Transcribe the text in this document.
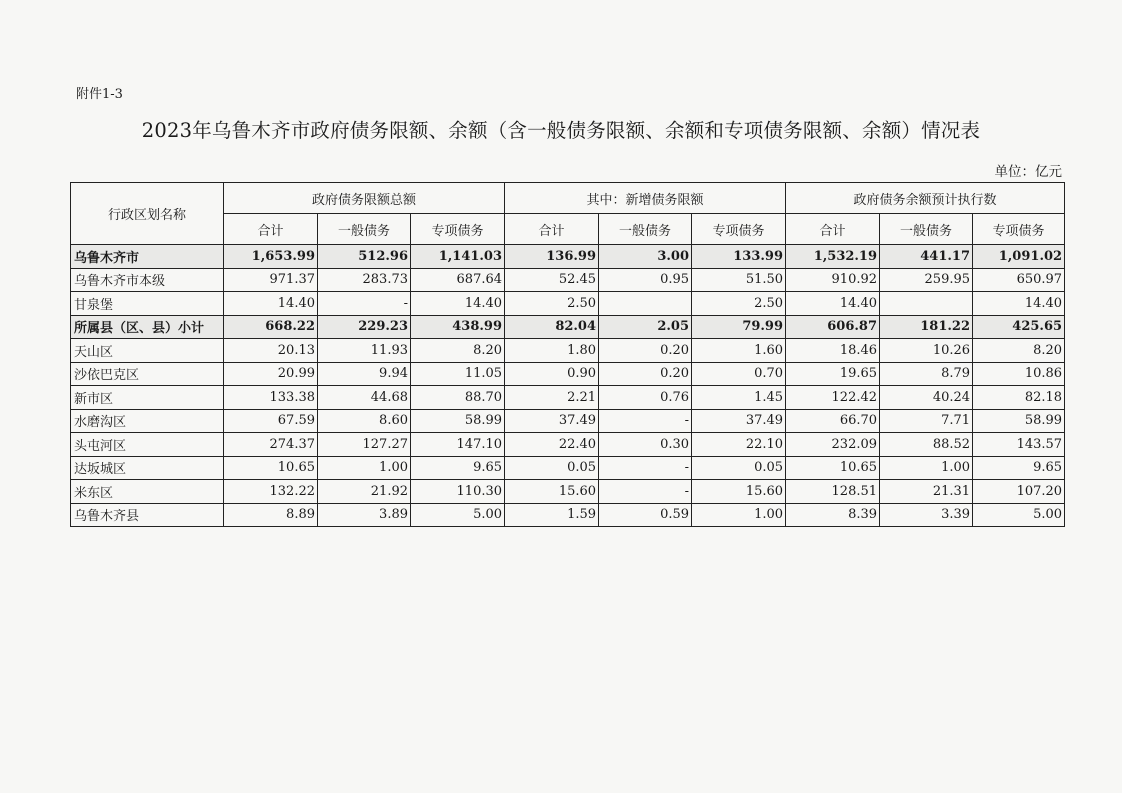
附件1-3
2023年乌鲁木齐市政府债务限额、余额（含一般债务限额、余额和专项债务限额、余额）情况表
单位：亿元
行政区划名称	政府债务限额总额			其中：新增债务限额			政府债务余额预计执行数		
	合计	一般债务	专项债务	合计	一般债务	专项债务	合计	一般债务	专项债务
乌鲁木齐市	1,653.99	512.96	1,141.03	136.99	3.00	133.99	1,532.19	441.17	1,091.02
乌鲁木齐市本级	971.37	283.73	687.64	52.45	0.95	51.50	910.92	259.95	650.97
甘泉堡	14.40	-	14.40	2.50		2.50	14.40		14.40
所属县（区、县）小计	668.22	229.23	438.99	82.04	2.05	79.99	606.87	181.22	425.65
天山区	20.13	11.93	8.20	1.80	0.20	1.60	18.46	10.26	8.20
沙依巴克区	20.99	9.94	11.05	0.90	0.20	0.70	19.65	8.79	10.86
新市区	133.38	44.68	88.70	2.21	0.76	1.45	122.42	40.24	82.18
水磨沟区	67.59	8.60	58.99	37.49	-	37.49	66.70	7.71	58.99
头屯河区	274.37	127.27	147.10	22.40	0.30	22.10	232.09	88.52	143.57
达坂城区	10.65	1.00	9.65	0.05	-	0.05	10.65	1.00	9.65
米东区	132.22	21.92	110.30	15.60	-	15.60	128.51	21.31	107.20
乌鲁木齐县	8.89	3.89	5.00	1.59	0.59	1.00	8.39	3.39	5.00
